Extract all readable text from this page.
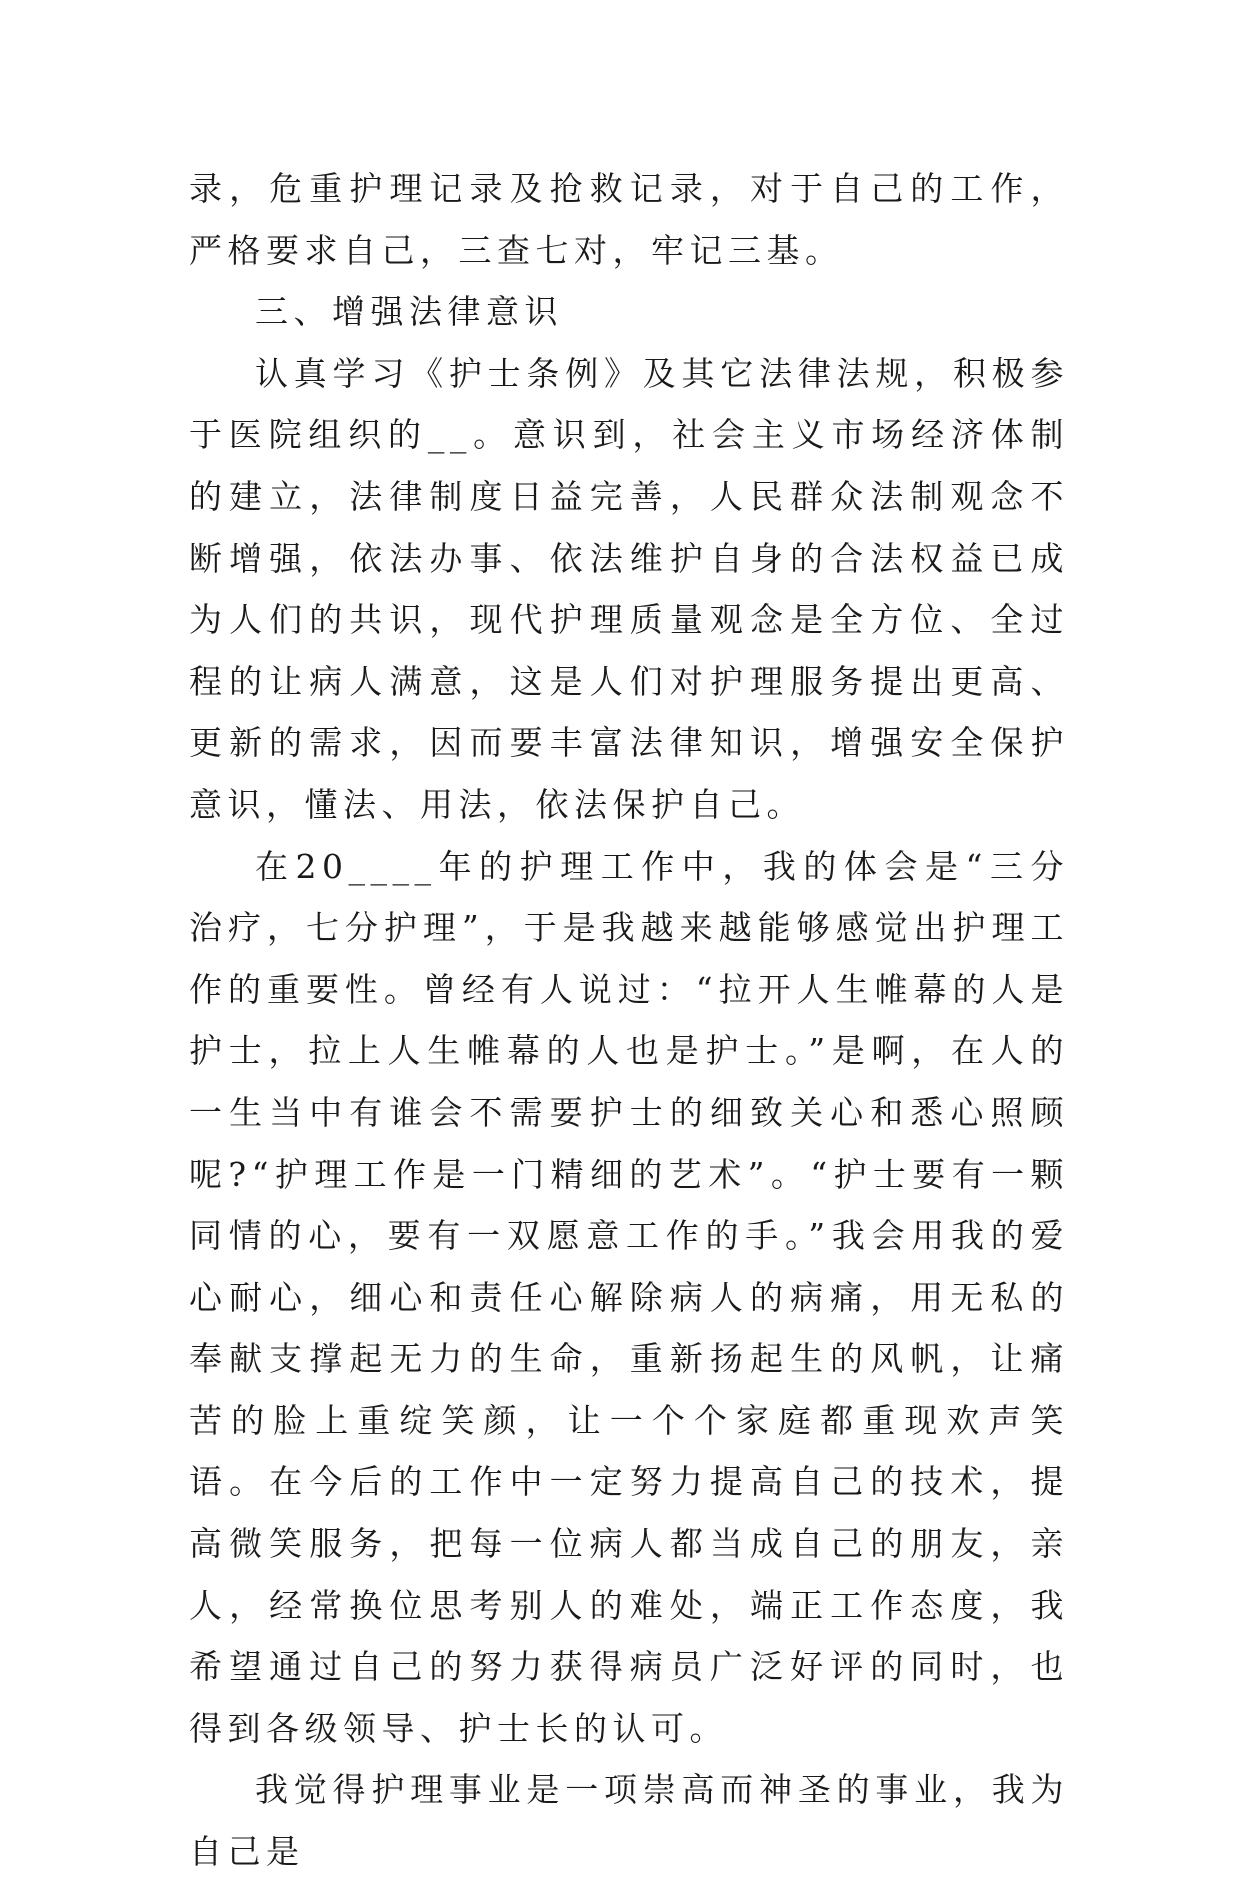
录，危重护理记录及抢救记录，对于自己的工作，严格要求自己，三查七对，牢记三基。

三、增强法律意识

认真学习《护士条例》及其它法律法规，积极参于医院组织的__。意识到，社会主义市场经济体制的建立，法律制度日益完善，人民群众法制观念不断增强，依法办事、依法维护自身的合法权益已成为人们的共识，现代护理质量观念是全方位、全过程的让病人满意，这是人们对护理服务提出更高、更新的需求，因而要丰富法律知识，增强安全保护意识，懂法、用法，依法保护自己。

在20____年的护理工作中，我的体会是“三分治疗，七分护理”，于是我越来越能够感觉出护理工作的重要性。曾经有人说过：“拉开人生帷幕的人是护士，拉上人生帷幕的人也是护士。”是啊，在人的一生当中有谁会不需要护士的细致关心和悉心照顾呢?“护理工作是一门精细的艺术”。“护士要有一颗同情的心，要有一双愿意工作的手。”我会用我的爱心耐心，细心和责任心解除病人的病痛，用无私的奉献支撑起无力的生命，重新扬起生的风帆，让痛苦的脸上重绽笑颜，让一个个家庭都重现欢声笑语。在今后的工作中一定努力提高自己的技术，提高微笑服务，把每一位病人都当成自己的朋友，亲人，经常换位思考别人的难处，端正工作态度，我希望通过自己的努力获得病员广泛好评的同时，也得到各级领导、护士长的认可。

我觉得护理事业是一项崇高而神圣的事业，我为自己是
